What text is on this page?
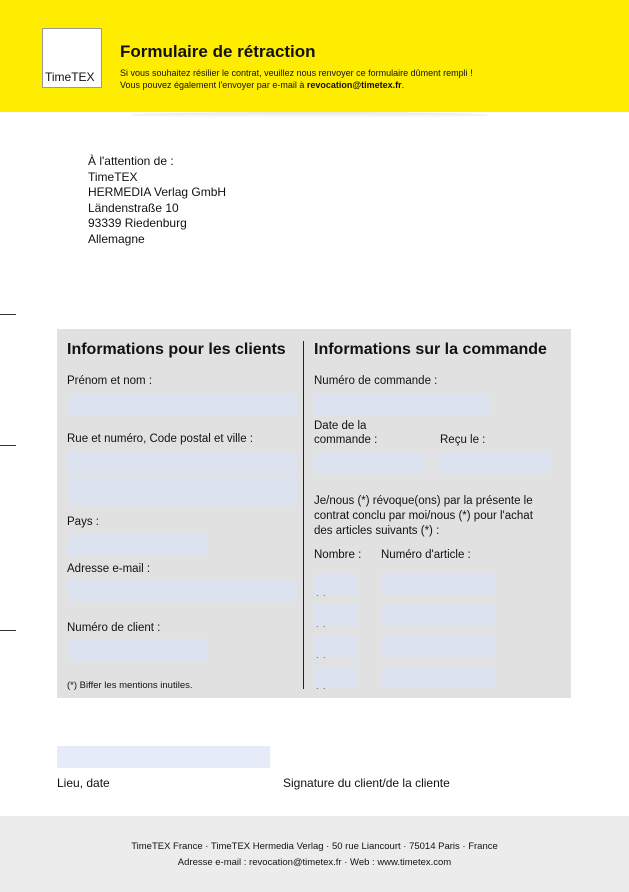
TimeTEX
Formulaire de rétraction
Si vous souhaitez résilier le contrat, veuillez nous renvoyer ce formulaire dûment rempli !
Vous pouvez également l'envoyer par e-mail à revocation@timetex.fr.
À l'attention de :
TimeTEX
HERMEDIA Verlag GmbH
Ländenstraße 10
93339 Riedenburg
Allemagne
Informations pour les clients
Prénom et nom :
Rue et numéro, Code postal et ville :
Pays :
Adresse e-mail :
Numéro de client :
(*) Biffer les mentions inutiles.
Informations sur la commande
Numéro de commande :
Date de la
commande :	Reçu le :
Je/nous (*) révoque(ons) par la présente le
contrat conclu par moi/nous (*) pour l'achat
des articles suivants (*) :
Nombre : Numéro d'article :
. .
. .
. .
. .
Lieu, date	Signature du client/de la cliente
TimeTEX France · TimeTEX Hermedia Verlag · 50 rue Liancourt · 75014 Paris · France
Adresse e-mail : revocation@timetex.fr · Web : www.timetex.com
